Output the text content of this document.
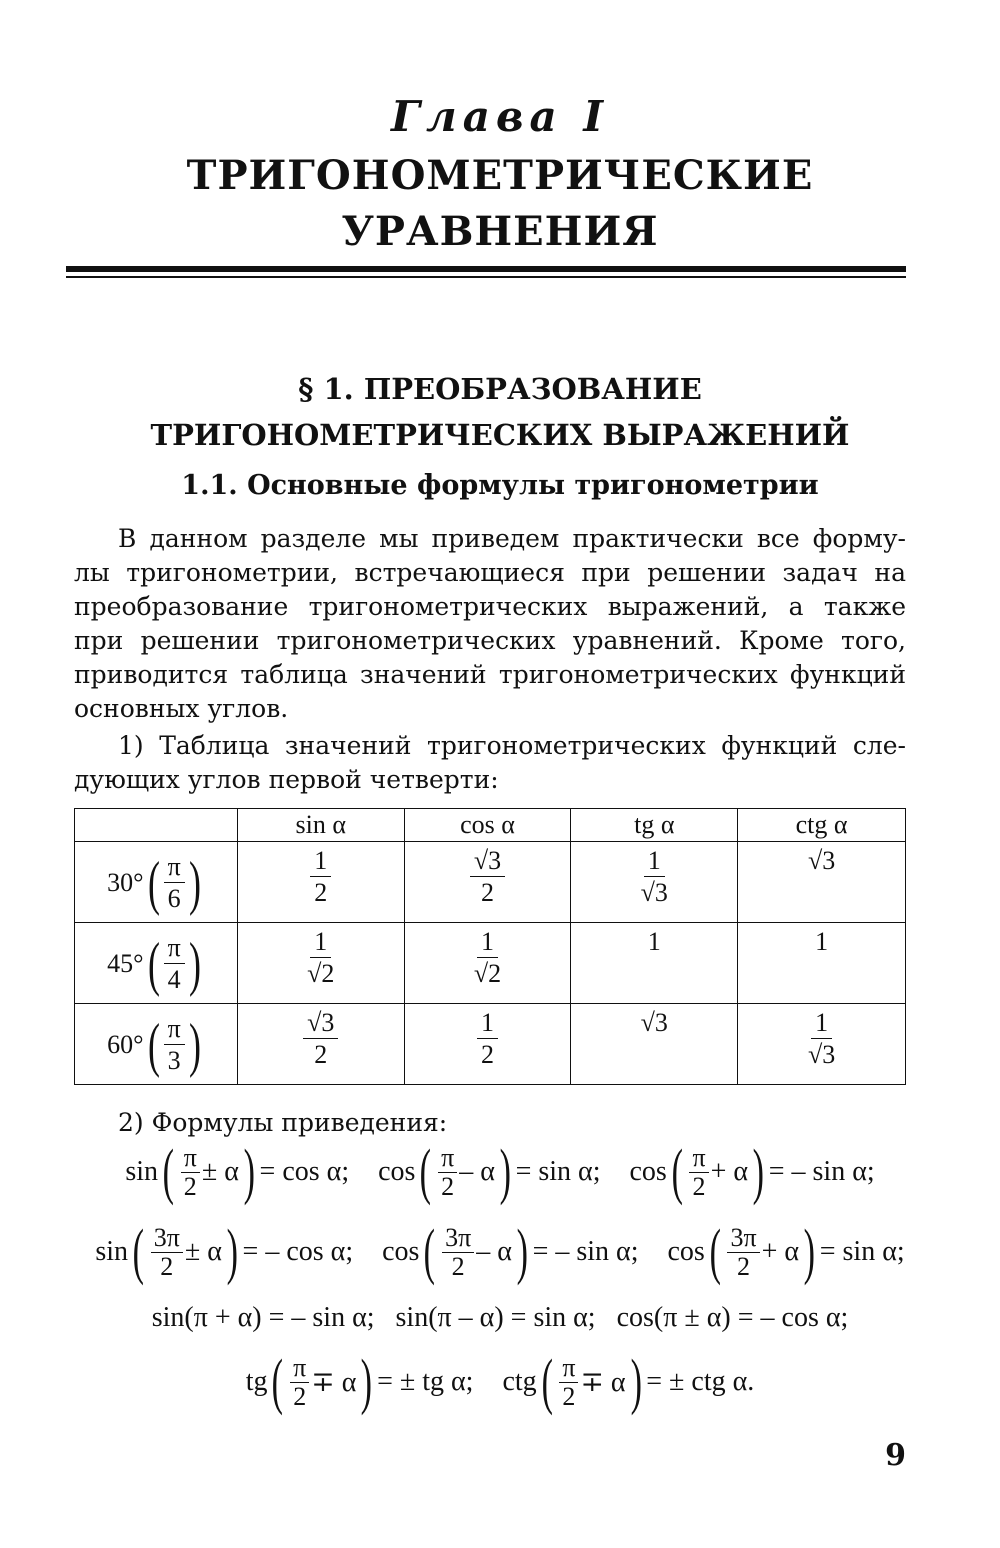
Глава I
ТРИГОНОМЕТРИЧЕСКИЕ
УРАВНЕНИЯ
§ 1. ПРЕОБРАЗОВАНИЕ
ТРИГОНОМЕТРИЧЕСКИХ ВЫРАЖЕНИЙ
1.1. Основные формулы тригонометрии
В данном разделе мы приведем практически все форму-
лы тригонометрии, встречающиеся при решении задач на
преобразование тригонометрических выражений, а также
при решении тригонометрических уравнений. Кроме того,
приводится таблица значений тригонометрических функций
основных углов.
1) Таблица значений тригонометрических функций сле-
дующих углов первой четверти:
	sin α	cos α	tg α	ctg α

30° ( $\frac{\pi}{6}$ )	$\frac{1}{2}$	$\frac{√3}{2}$	$\frac{1}{√3}$	√3

45° ( $\frac{\pi}{4}$ )	$\frac{1}{√2}$	$\frac{1}{√2}$	1	1

60° ( $\frac{\pi}{3}$ )	$\frac{√3}{2}$	$\frac{1}{2}$	√3	$\frac{1}{√3}$
2) Формулы приведения:
sin ( $\frac{\pi}{2} \pm \alpha$ ) = cos α;
cos ( $\frac{\pi}{2}$ – α ) = sin α;
cos ( $\frac{\pi}{2} + \alpha$ ) = – sin α;
sin ( $\frac{3\pi}{2} \pm \alpha$ ) = – cos α;
cos ( $\frac{3\pi}{2}$ – α ) = – sin α;
cos ( $\frac{3\pi}{2} + \alpha$ ) = sin α;
sin(π + α) = – sin α;   sin(π – α) = sin α;   cos(π ± α) = – cos α;
tg ( $\frac{\pi}{2} \mp \alpha$ ) = ± tg α;
ctg ( $\frac{\pi}{2} \mp \alpha$ ) = ± ctg α.
9
